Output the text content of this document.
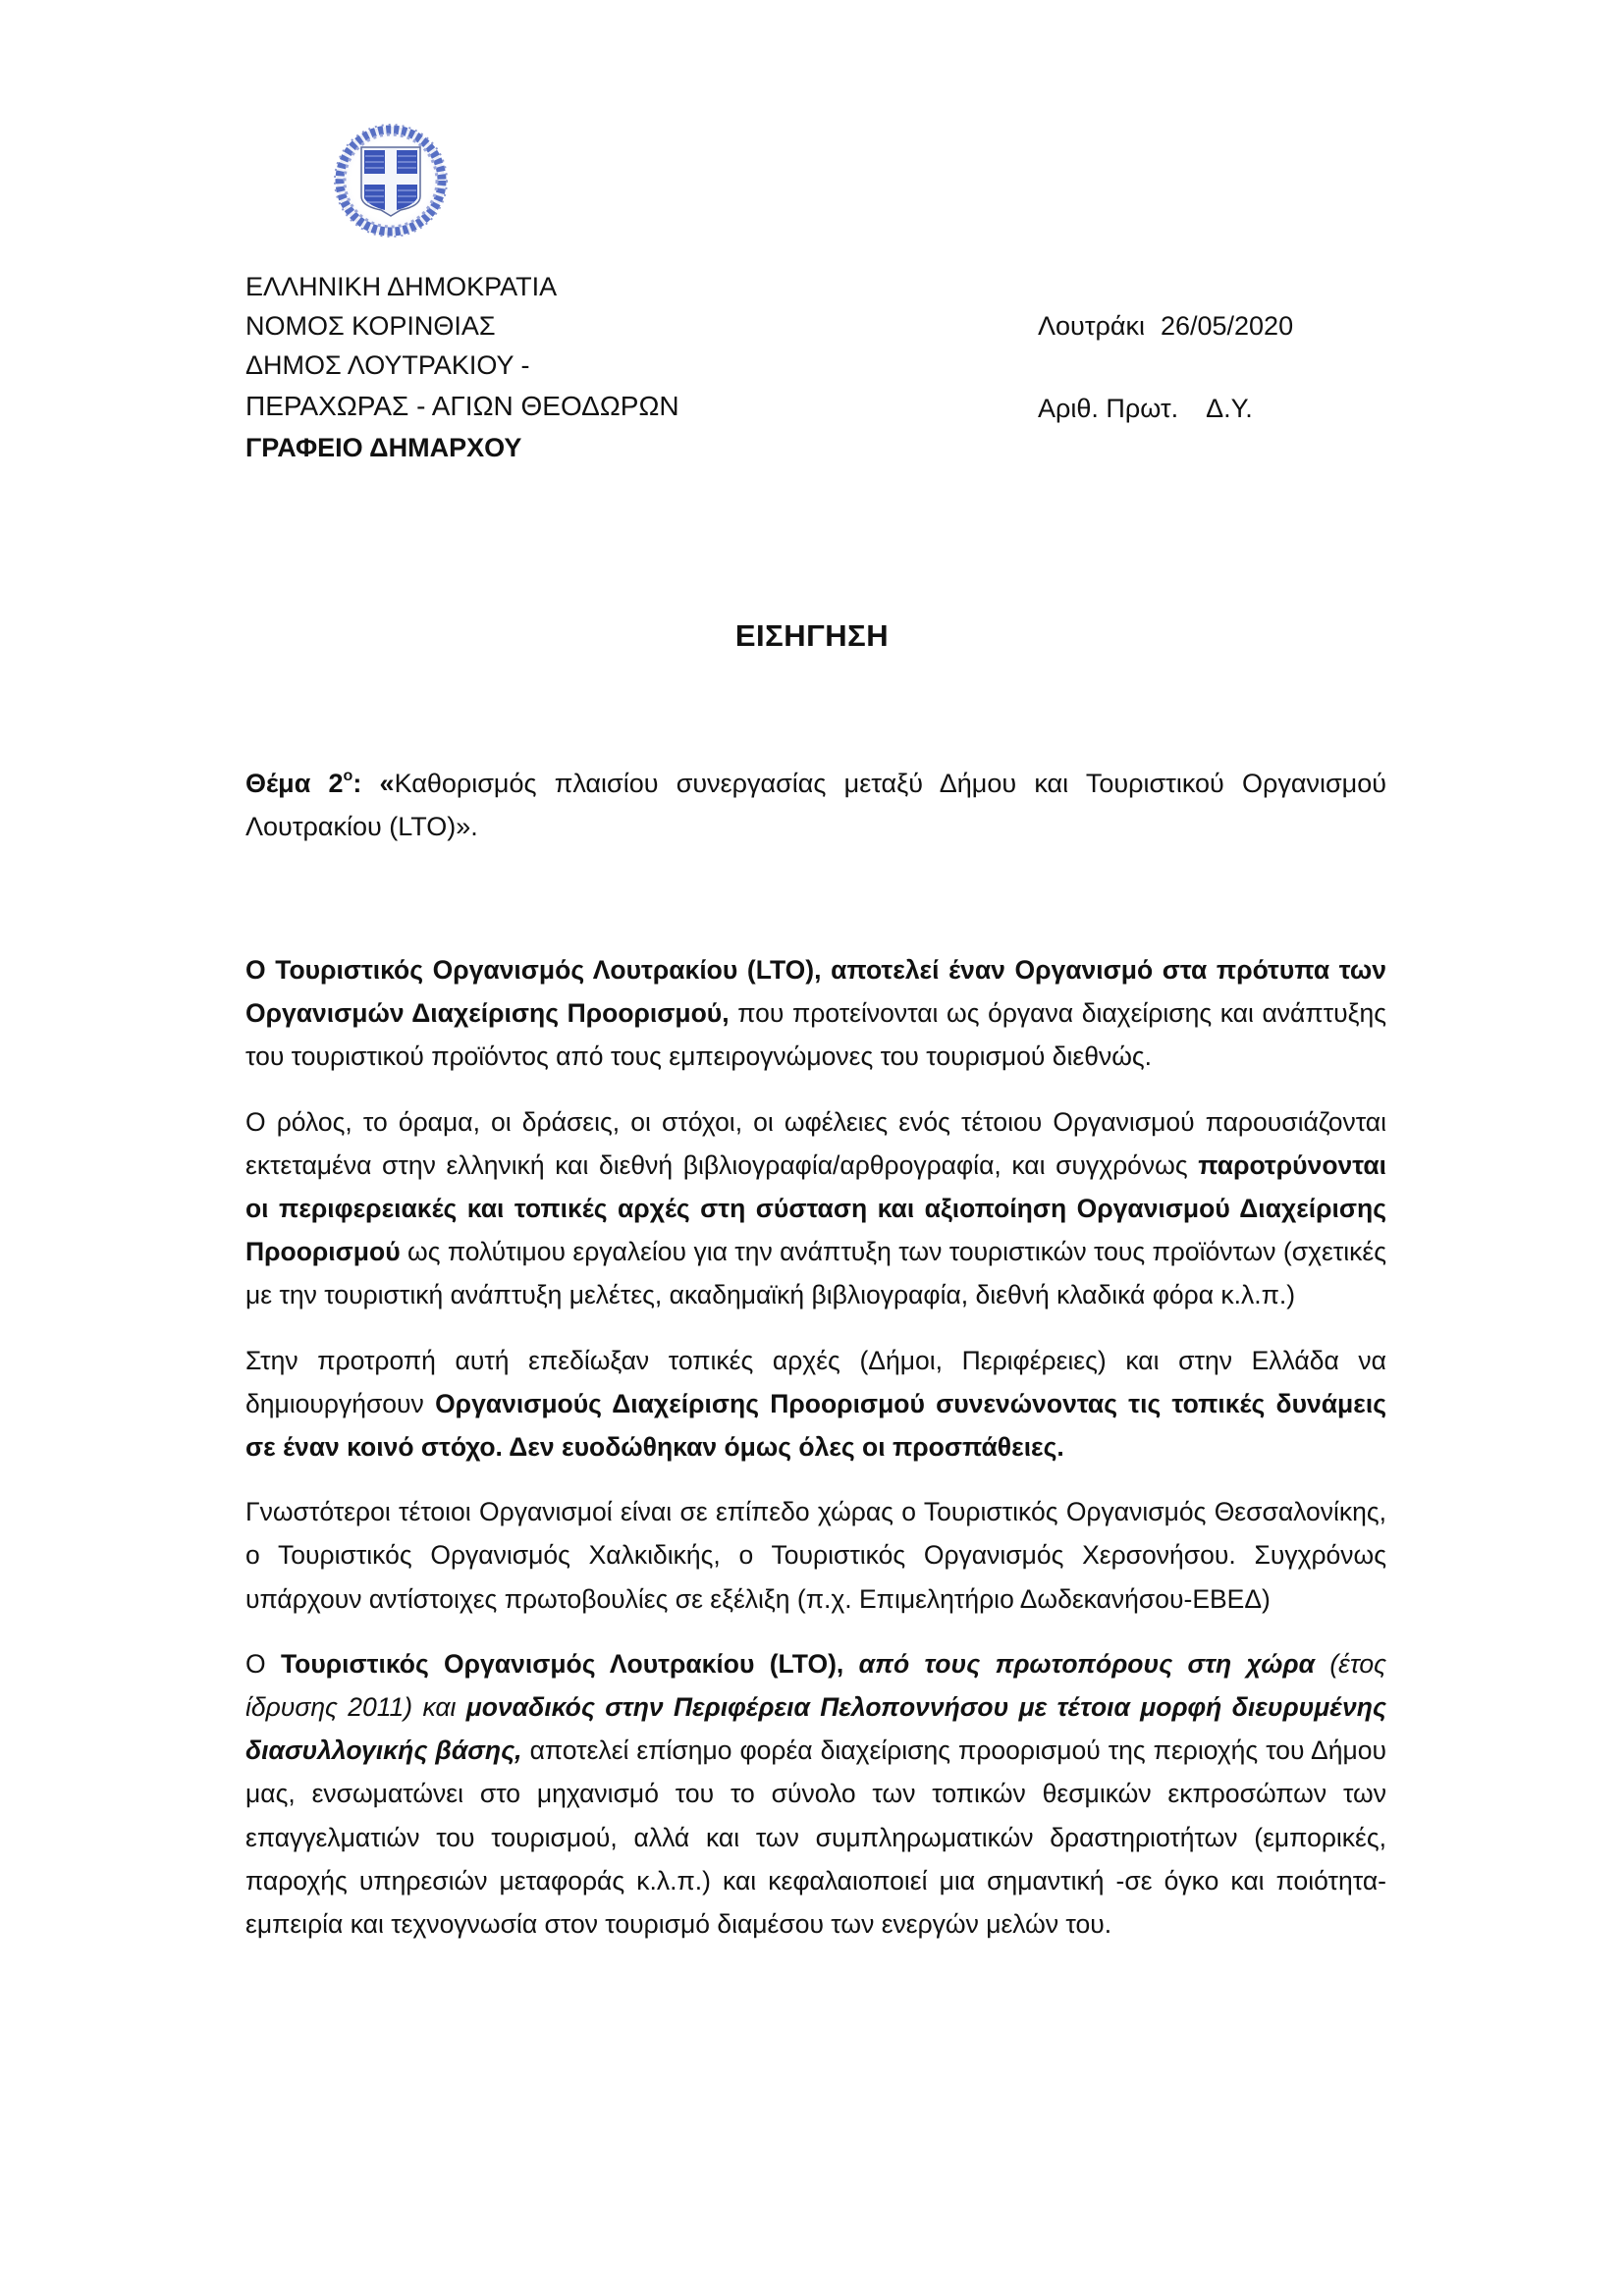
ΕΛΛΗΝΙΚΗ ΔΗΜΟΚΡΑΤΙΑ
ΝΟΜΟΣ ΚΟΡΙΝΘΙΑΣ
ΔΗΜΟΣ ΛΟΥΤΡΑΚΙΟΥ -
ΠΕΡΑΧΩΡΑΣ - ΑΓΙΩΝ ΘΕΟΔΩΡΩΝ
ΓΡΑΦΕΙΟ ΔΗΜΑΡΧΟΥ
Λουτράκι 26/05/2020
Αριθ. Πρωτ. Δ.Υ.
ΕΙΣΗΓΗΣΗ
Θέμα $2^o$: «Καθορισμός πλαισίου συνεργασίας μεταξύ Δήμου και Τουριστικού Οργανισμού Λουτρακίου (LTO)».

Ο Τουριστικός Οργανισμός Λουτρακίου (LTO), αποτελεί έναν Οργανισμό στα πρότυπα των Οργανισμών Διαχείρισης Προορισμού, που προτείνονται ως όργανα διαχείρισης και ανάπτυξης του τουριστικού προϊόντος από τους εμπειρογνώμονες του τουρισμού διεθνώς.

Ο ρόλος, το όραμα, οι δράσεις, οι στόχοι, οι ωφέλειες ενός τέτοιου Οργανισμού παρουσιάζονται εκτεταμένα στην ελληνική και διεθνή βιβλιογραφία/αρθρογραφία, και συγχρόνως παροτρύνονται οι περιφερειακές και τοπικές αρχές στη σύσταση και αξιοποίηση Οργανισμού Διαχείρισης Προορισμού ως πολύτιμου εργαλείου για την ανάπτυξη των τουριστικών τους προϊόντων (σχετικές με την τουριστική ανάπτυξη μελέτες, ακαδημαϊκή βιβλιογραφία, διεθνή κλαδικά φόρα κ.λ.π.)

Στην προτροπή αυτή επεδίωξαν τοπικές αρχές (Δήμοι, Περιφέρειες) και στην Ελλάδα να δημιουργήσουν Οργανισμούς Διαχείρισης Προορισμού συνενώνοντας τις τοπικές δυνάμεις σε έναν κοινό στόχο. Δεν ευοδώθηκαν όμως όλες οι προσπάθειες.

Γνωστότεροι τέτοιοι Οργανισμοί είναι σε επίπεδο χώρας ο Τουριστικός Οργανισμός Θεσσαλονίκης, ο Τουριστικός Οργανισμός Χαλκιδικής, ο Τουριστικός Οργανισμός Χερσονήσου. Συγχρόνως υπάρχουν αντίστοιχες πρωτοβουλίες σε εξέλιξη (π.χ. Επιμελητήριο Δωδεκανήσου-ΕΒΕΔ)

Ο Τουριστικός Οργανισμός Λουτρακίου (LTO), από τους πρωτοπόρους στη χώρα (έτος ίδρυσης 2011) και μοναδικός στην Περιφέρεια Πελοποννήσου με τέτοια μορφή διευρυμένης διασυλλογικής βάσης, αποτελεί επίσημο φορέα διαχείρισης προορισμού της περιοχής του Δήμου μας, ενσωματώνει στο μηχανισμό του το σύνολο των τοπικών θεσμικών εκπροσώπων των επαγγελματιών του τουρισμού, αλλά και των συμπληρωματικών δραστηριοτήτων (εμπορικές, παροχής υπηρεσιών μεταφοράς κ.λ.π.) και κεφαλαιοποιεί μια σημαντική -σε όγκο και ποιότητα- εμπειρία και τεχνογνωσία στον τουρισμό διαμέσου των ενεργών μελών του.
